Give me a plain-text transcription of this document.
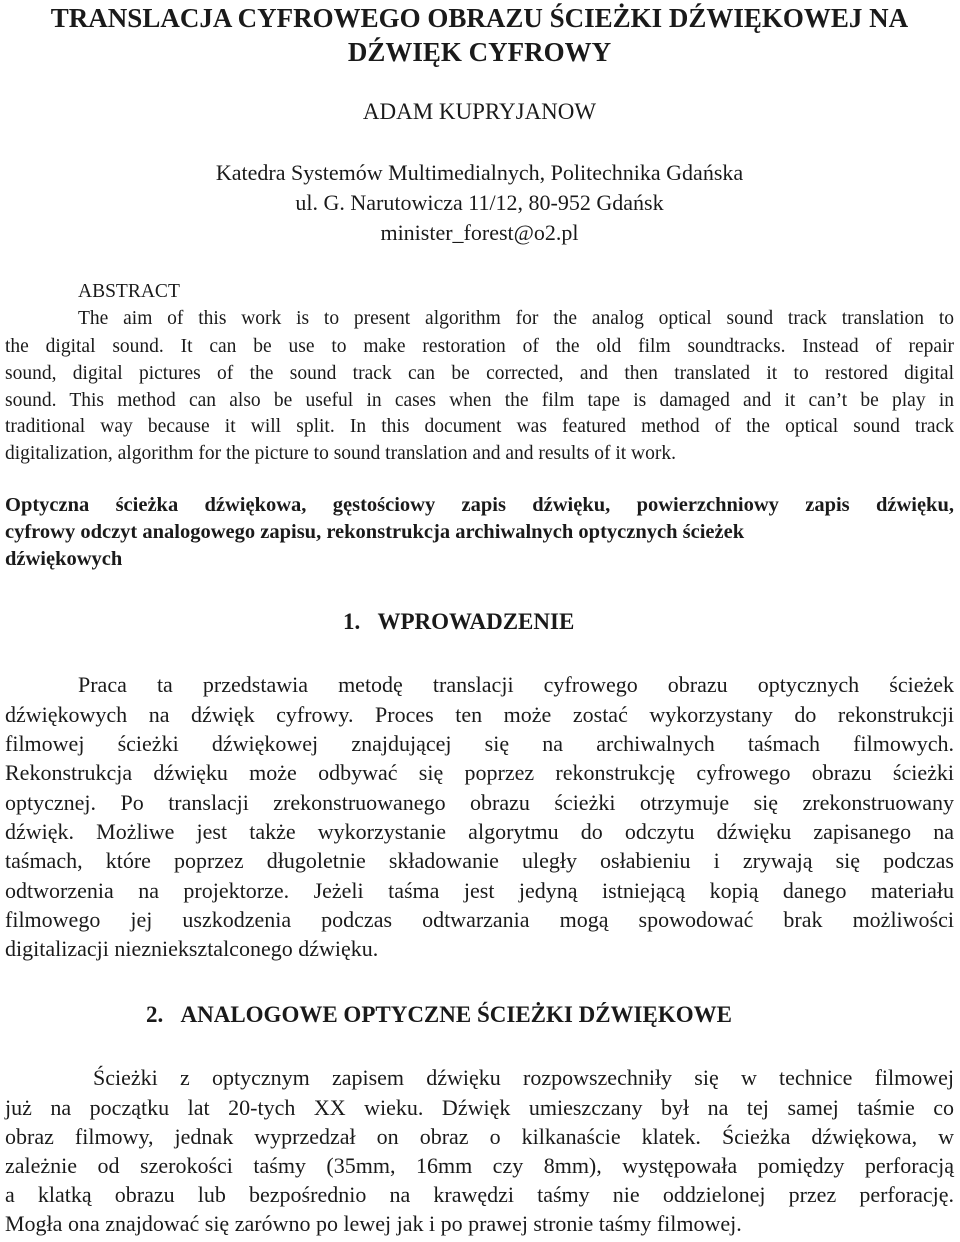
TRANSLACJA CYFROWEGO OBRAZU ŚCIEŻKI DŹWIĘKOWEJ NA
DŹWIĘK CYFROWY
ADAM KUPRYJANOW
Katedra Systemów Multimedialnych, Politechnika Gdańska
ul. G. Narutowicza 11/12, 80-952 Gdańsk
minister_forest@o2.pl
ABSTRACT
The aim of this work is to present algorithm for the analog optical sound track translation to
the digital sound. It can be use to make restoration of the old film soundtracks. Instead of repair
sound, digital pictures of the sound track can be corrected, and then translated it to restored digital
sound. This method can also be useful in cases when the film tape is damaged and it can’t be play in
traditional way because it will split. In this document was featured method of the optical sound track
digitalization, algorithm for the picture to sound translation and and results of it work.
Optyczna ścieżka dźwiękowa, gęstościowy zapis dźwięku, powierzchniowy zapis dźwięku,
cyfrowy odczyt analogowego zapisu, rekonstrukcja archiwalnych optycznych ścieżek
dźwiękowych
1. WPROWADZENIE
Praca ta przedstawia metodę translacji cyfrowego obrazu optycznych ścieżek
dźwiękowych na dźwięk cyfrowy. Proces ten może zostać wykorzystany do rekonstrukcji
filmowej ścieżki dźwiękowej znajdującej się na archiwalnych taśmach filmowych.
Rekonstrukcja dźwięku może odbywać się poprzez rekonstrukcję cyfrowego obrazu ścieżki
optycznej. Po translacji zrekonstruowanego obrazu ścieżki otrzymuje się zrekonstruowany
dźwięk. Możliwe jest także wykorzystanie algorytmu do odczytu dźwięku zapisanego na
taśmach, które poprzez długoletnie składowanie uległy osłabieniu i zrywają się podczas
odtworzenia na projektorze. Jeżeli taśma jest jedyną istniejącą kopią danego materiału
filmowego jej uszkodzenia podczas odtwarzania mogą spowodować brak możliwości
digitalizacji nieznieksztalconego dźwięku.
2. ANALOGOWE OPTYCZNE ŚCIEŻKI DŹWIĘKOWE
Ścieżki z optycznym zapisem dźwięku rozpowszechniły się w technice filmowej
już na początku lat 20-tych XX wieku. Dźwięk umieszczany był na tej samej taśmie co
obraz filmowy, jednak wyprzedzał on obraz o kilkanaście klatek. Ścieżka dźwiękowa, w
zależnie od szerokości taśmy (35mm, 16mm czy 8mm), występowała pomiędzy perforacją
a klatką obrazu lub bezpośrednio na krawędzi taśmy nie oddzielonej przez perforację.
Mogła ona znajdować się zarówno po lewej jak i po prawej stronie taśmy filmowej.
